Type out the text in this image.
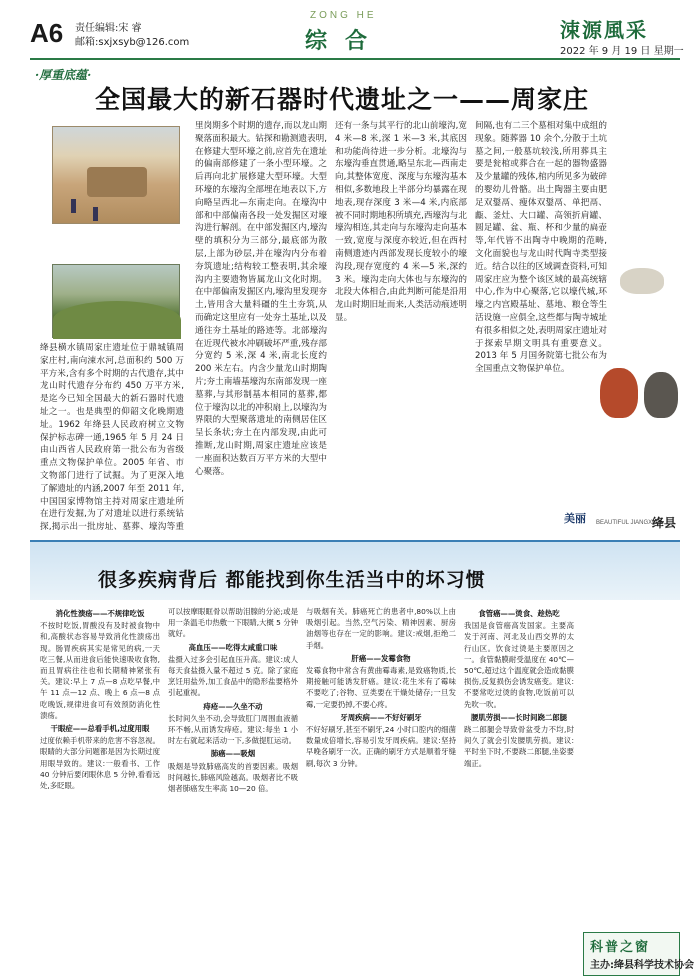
A6 责任编辑:宋 睿
邮箱:sxjxsyb@126.com
ZONG HE
综合	涑源風采
2022 年 9 月 19 日 星期一
·厚重底蕴·
全国最大的新石器时代遗址之一——周家庄
绛县横水镇周家庄遗址位于鼎城镇周家庄村,南向涑水河,总面积约 500 万平方米,含有多个时期的古代遗存,其中龙山时代遗存分布约 450 万平方米,是迄今已知全国最大的新石器时代遗址之一。也是典型的仰韶文化晚期遗址。1962 年绛县人民政府树立文物保护标志碑一通,1965 年 5 月 24 日由山西省人民政府第一批公布为省级重点文物保护单位。2005 年省、市文物部门进行了试掘。为了更深入地了解遗址的内涵,2007 年至 2011 年,中国国家博物馆主持对周家庄遗址所在进行发掘,为了对遗址以进行系统钻探,揭示出一批房址、墓葬、壕沟等重
里岗期多个时期的遗存,而以龙山期聚落面积最大。钻探和勘测遗表明,在修建大型环壕之前,应首先在遗址的偏南部修建了一条小型环壕。之后再向北扩展修建大型环壕。大型环壕的东壕沟全部埋在地表以下,方向略呈西北—东南走向。在壕沟中部和中部偏南各段一处发掘区对壕沟进行解剖。在中部发掘区内,壕沟壁的填积分为三部分,最底部为散层,上部为砂层,并在壕沟内分布着夯筑遗址;结构较工整表明,其余壕沟内主要遗物皆属龙山文化时期。在中部偏南发掘区内,壕沟里发现夯土,皆用含大量料礓的生土夯筑,从而确定这里应有一处夯土基址,以及通往夯土基址的路迹等。北部壕沟在近现代被水冲刷破坏严重,残存部分宽约 5 米,深 4 米,南北长度约 200 米左右。内含少量龙山时期陶片;夯土南墙基壕沟东南部发现一座墓葬,与其形制基本相同的墓葬,都位于壕沟以北的冲积扇上,以壕沟为界限的大型聚落遗址的南侧居住区呈长条状;夯土在内部发现,由此可推断,龙山时期,周家庄遗址应该是一座面积达数百万平方米的大型中心聚落。
还有一条与其平行的北山前壕沟,宽 4 米—8 米,深 1 米—3 米,其底因和功能尚待进一步分析。北壕沟与东壕沟垂直贯通,略呈东北—西南走向,其整体宽度、深度与东壕沟基本相似,多数地段上半部分均暴露在现地表,现存深度 3 米—4 米,内底部被不同时期地积所填充,西壕沟与北壕沟相连,其走向与东壕沟走向基本一致,宽度与深度亦较近,但在西村南侧遗迹内西部发现长度较小的壕沟段,现存宽度约 4 米—5 米,深约 3 米。壕沟走向大体也与东壕沟的北段大体相合,由此判断可能是沿用龙山时期旧址而来,人类活动痕迹明显。
间隔,也有二三个墓相对集中成组的现象。随葬器 10 余个,分散于土坑墓之间,一般墓坑较浅,所用葬具主要是瓮棺或葬合在一起的器物盛器及少量罐的残体,棺内所见多为破碎的婴幼儿骨骼。出土陶器主要由肥足双鋬鬲、瘦体双鋬鬲、单把鬲、甗、釜灶、大口罐、高领折肩罐、圆足罐、盆、瓶、杯和少量的扁壶等,年代皆不出陶寺中晚期的范畴,文化面貌也与龙山时代陶寺类型接近。结合以往的区域调查资料,可知周家庄应为整个该区域的最高统辖中心,作为中心聚落,它以壕代城,环壕之内宫殿基址、墓地、粮仓等生活设施一应俱全,这些都与陶寺城址有很多相似之处,表明周家庄遗址对于探索早期文明具有重要意义。2013 年 5 月国务院第七批公布为全国重点文物保护单位。
美丽 BEAUTIFUL JIANGXIAN
绛县
很多疾病背后 都能找到你生活当中的坏习惯
消化性溃疡——不规律吃饭
不按时吃饭,胃酸没有及时被食物中和,高酸状态容易导致消化性溃疡出现。肠胃疾病其实是常见的病,一天吃三餐,从而进食后能快速吸收食物,而且胃病往往也和长期精神紧张有关。建议:早上 7 点—8 点吃早餐,中午 11 点—12 点、晚上 6 点—8 点吃晚饭,规律进食可有效预防消化性溃疡。
干眼症——总看手机,过度用眼
过度依赖手机带来的危害不容忽视。眼睛的大部分问题都是因为长期过度用眼导致的。建议:一般看书、工作 40 分钟后要闭眼休息 5 分钟,看看远处,多眨眼。
可以按摩眼眶骨以帮助泪腺的分泌;或是用一条温毛巾热敷一下眼睛,大概 5 分钟就好。
高血压——吃得太咸重口味
盐摄入过多会引起血压升高。建议:成人每天食盐摄入量不超过 5 克。除了家庭烹饪用盐外,加工食品中的隐形盐要格外引起重视。
痔疮——久坐不动
长时间久坐不动,会导致肛门周围血液循环不畅,从而诱发痔疮。建议:每坐 1 小时左右就起来活动一下,多做提肛运动。
肺癌——吸烟
吸烟是导致肺癌高发的首要因素。吸烟时间越长,肺癌风险越高。吸烟者比不吸烟者肺癌发生率高 10—20 倍。
与吸烟有关。肺癌死亡的患者中,80%以上由吸烟引起。当然,空气污染、精神因素、厨房油烟等也存在一定的影响。建议:戒烟,拒绝二手烟。
肝癌——发霉食物
发霉食物中常含有黄曲霉毒素,是致癌物质,长期接触可能诱发肝癌。建议:花生米有了霉味不要吃了;谷物、豆类要在干燥处储存;一旦发霉,一定要扔掉,不要心疼。
牙周疾病——不好好刷牙
不好好刷牙,甚至不刷牙,24 小时口腔内的细菌数量成倍增长,容易引发牙周疾病。建议:坚持早晚各刷牙一次。正确的刷牙方式是顺着牙缝刷,每次 3 分钟。
食管癌——烫食、趁热吃
我国是食管癌高发国家。主要高发于河南、河北及山西交界的太行山区。饮食过烫是主要原因之一。食管黏膜耐受温度在 40℃—50℃,超过这个温度就会造成黏膜损伤,反复损伤会诱发癌变。建议:不要常吃过烫的食物,吃饭前可以先吹一吹。
腰肌劳损——长时间跷二郎腿
跷二郎腿会导致骨盆受力不均,时间久了就会引发腰肌劳损。建议:平时坐下时,不要跷二郎腿,坐姿要端正。
科普之窗
主办:绛县科学技术协会
